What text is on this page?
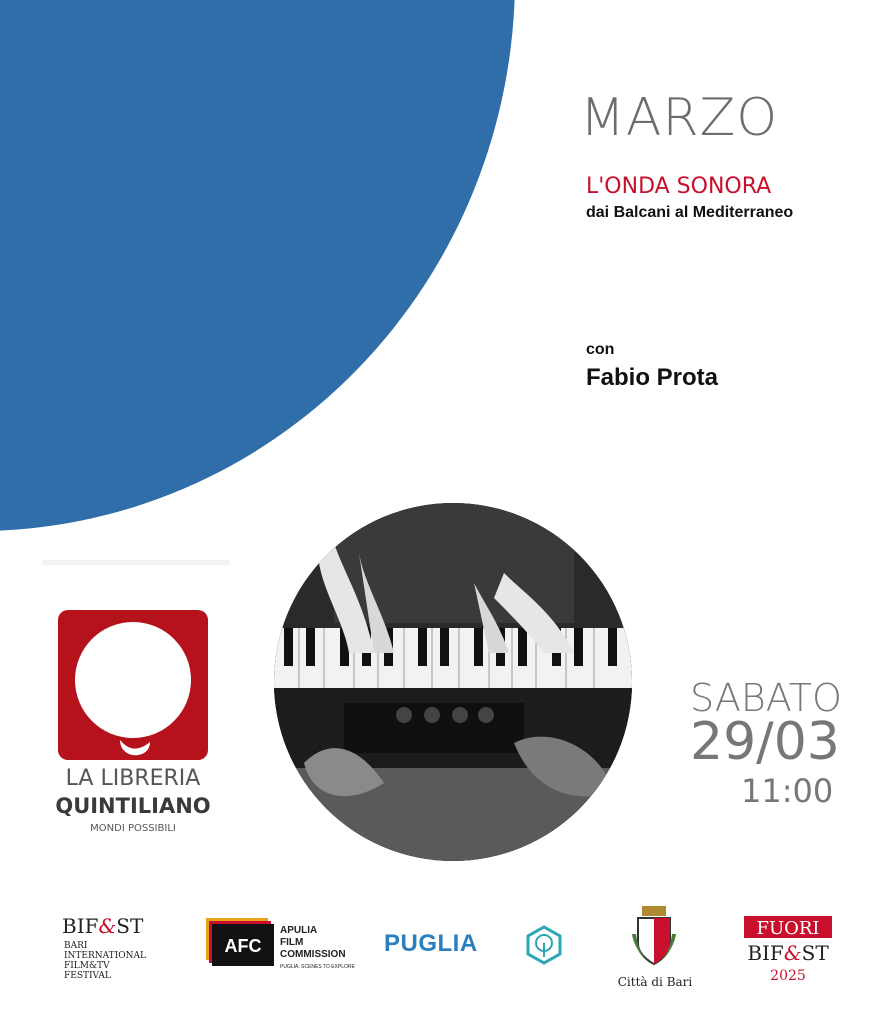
MARZO
L'ONDA SONORA
dai Balcani al Mediterraneo
con
Fabio Prota
SABATO
29/03
11:00
LA LIBRERIA
QUINTILIANO
MONDI POSSIBILI
BIF&ST
BARI
INTERNATIONAL
FILM&TV
FESTIVAL
AFC
APULIA
FILM
COMMISSION
PUGLIA. SCENES TO EXPLORE
PUGLIA
Città di Bari
FUORI
BIF&ST
2025
